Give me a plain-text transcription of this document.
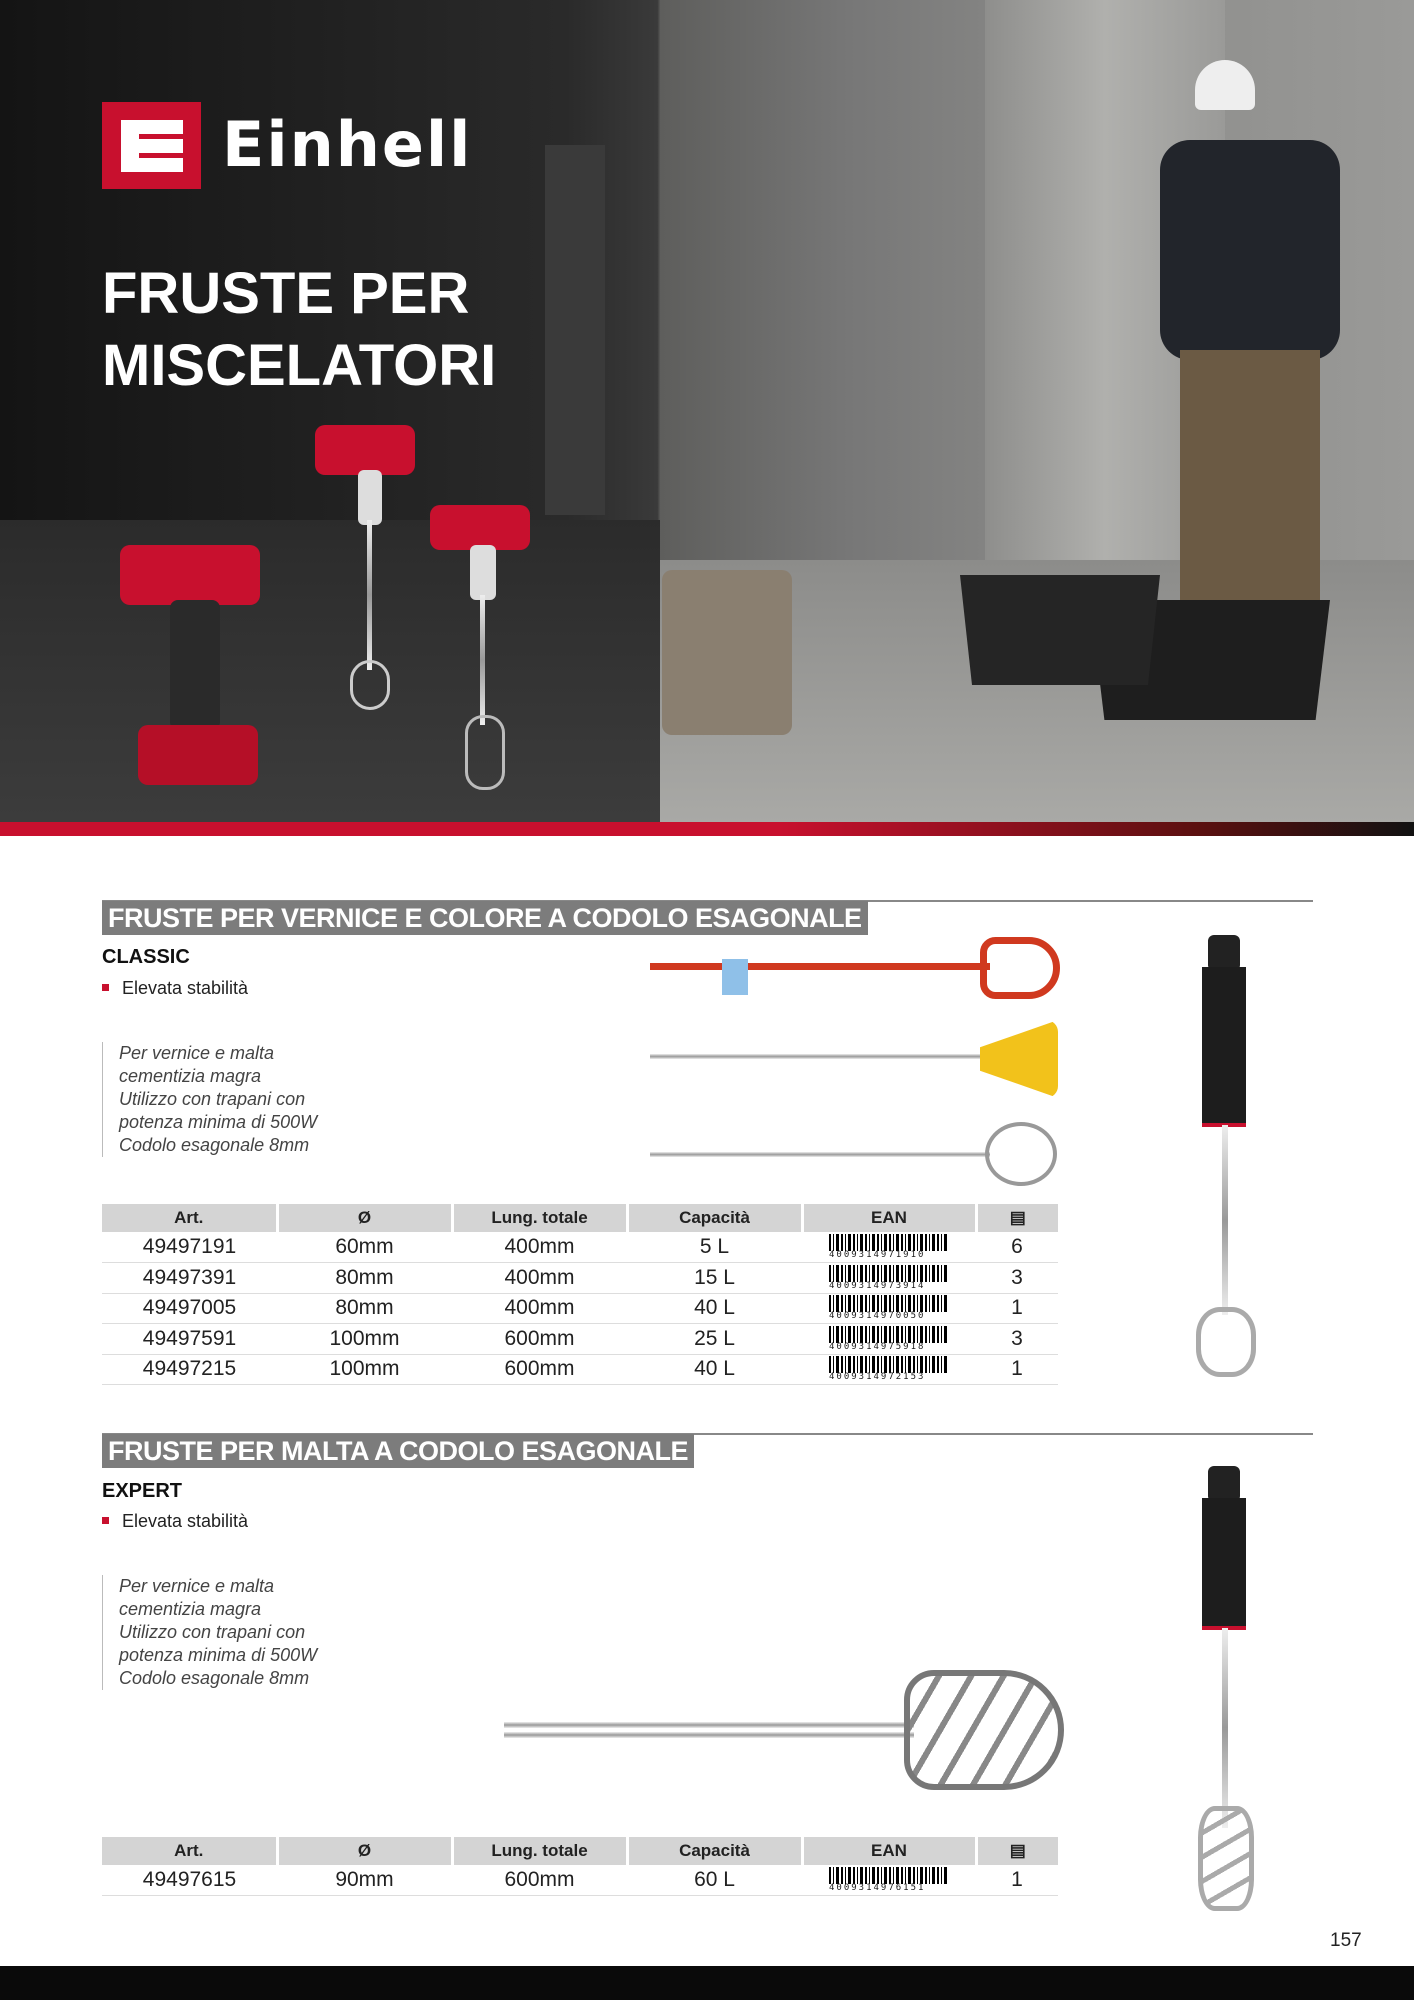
Einhell
FRUSTE PER
MISCELATORI
FRUSTE PER VERNICE E COLORE A CODOLO ESAGONALE
CLASSIC
Elevata stabilità
Per vernice e malta
cementizia magra
Utilizzo con trapani con
potenza minima di 500W
Codolo esagonale 8mm
Art.	Ø	Lung. totale	Capacità	EAN	▤
49497191	60mm	400mm	5 L	4009314971910	6
49497391	80mm	400mm	15 L	4009314973914	3
49497005	80mm	400mm	40 L	4009314970050	1
49497591	100mm	600mm	25 L	4009314975918	3
49497215	100mm	600mm	40 L	4009314972153	1
FRUSTE PER MALTA A CODOLO ESAGONALE
EXPERT
Elevata stabilità
Per vernice e malta
cementizia magra
Utilizzo con trapani con
potenza minima di 500W
Codolo esagonale 8mm
Art.	Ø	Lung. totale	Capacità	EAN	▤
49497615	90mm	600mm	60 L	4009314976151	1
157
